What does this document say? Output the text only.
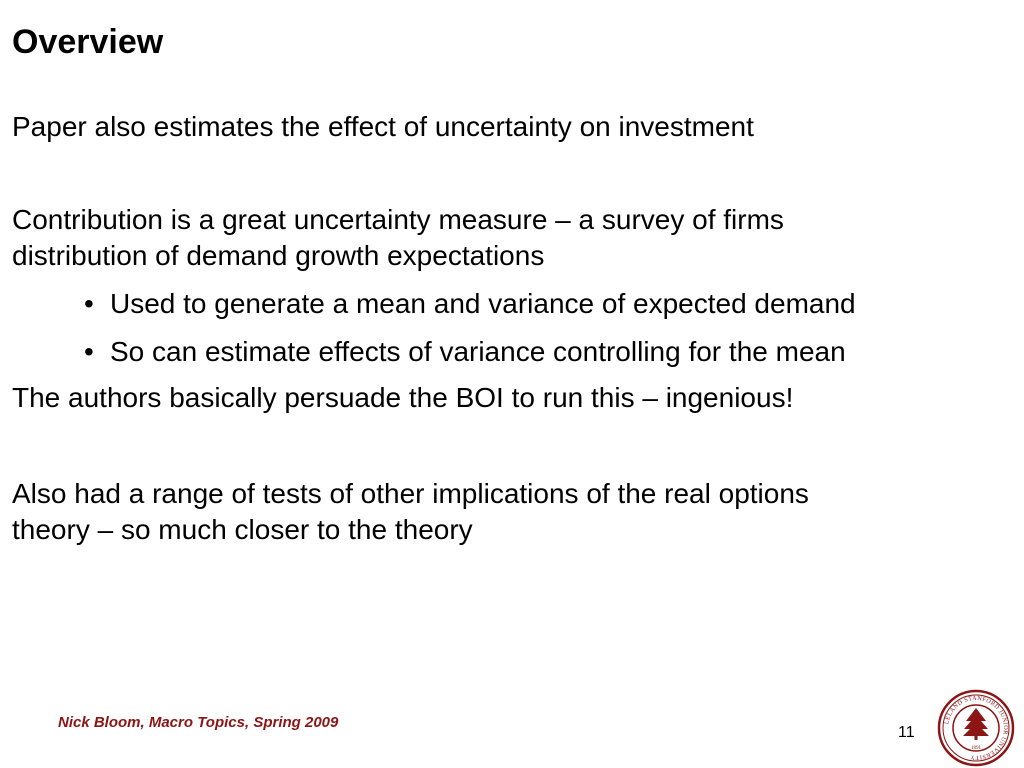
Overview
Paper also estimates the effect of uncertainty on investment
Contribution is a great uncertainty measure – a survey of firms
distribution of demand growth expectations
• Used to generate a mean and variance of expected demand
• So can estimate effects of variance controlling for the mean
The authors basically persuade the BOI to run this – ingenious!
Also had a range of tests of other implications of the real options
theory – so much closer to the theory
Nick Bloom, Macro Topics, Spring 2009
11
LELAND STANFORD JUNIOR UNIVERSITY
1891
